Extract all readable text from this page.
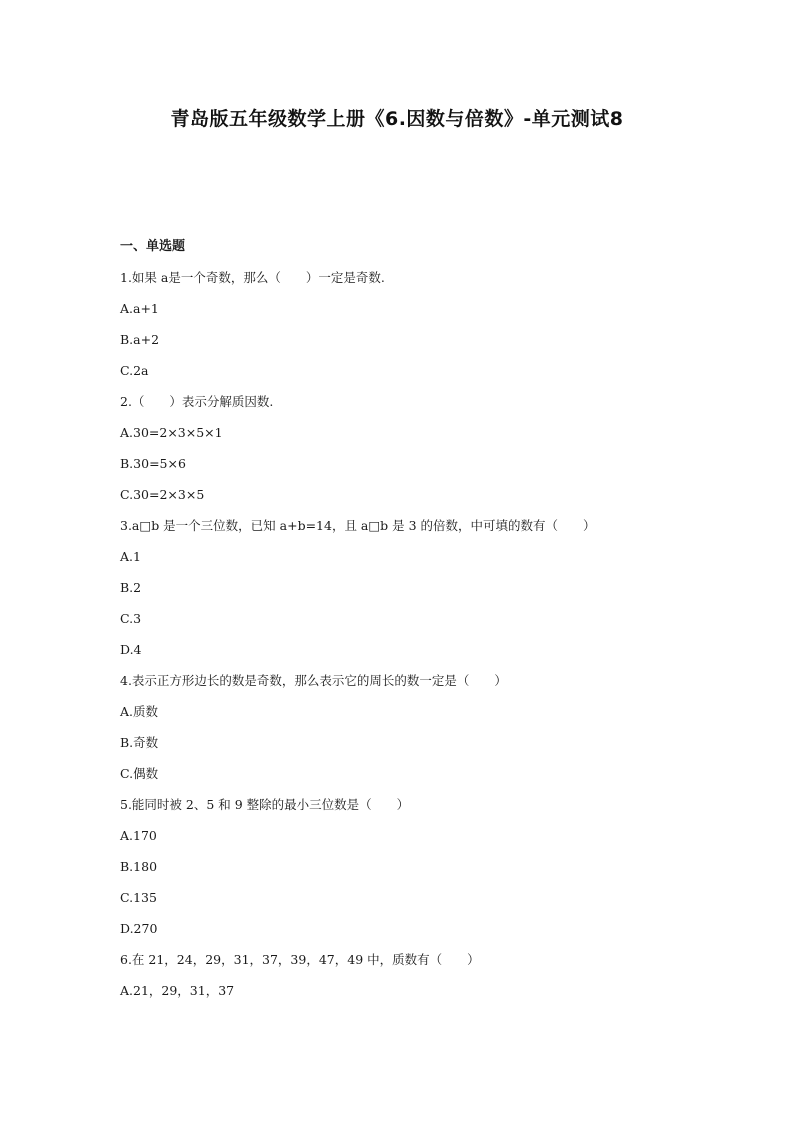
青岛版五年级数学上册《6.因数与倍数》-单元测试8
一、单选题
1.如果 a是一个奇数，那么（　　）一定是奇数.
A.a+1
B.a+2
C.2a
2.（　　）表示分解质因数.
A.30=2×3×5×1
B.30=5×6
C.30=2×3×5
3.a□b 是一个三位数，已知 a+b=14，且 a□b 是 3 的倍数，中可填的数有（　　）
A.1
B.2
C.3
D.4
4.表示正方形边长的数是奇数，那么表示它的周长的数一定是（　　）
A.质数
B.奇数
C.偶数
5.能同时被 2、5 和 9 整除的最小三位数是（　　）
A.170
B.180
C.135
D.270
6.在 21，24，29，31，37，39，47，49 中，质数有（　　）
A.21，29，31，37
